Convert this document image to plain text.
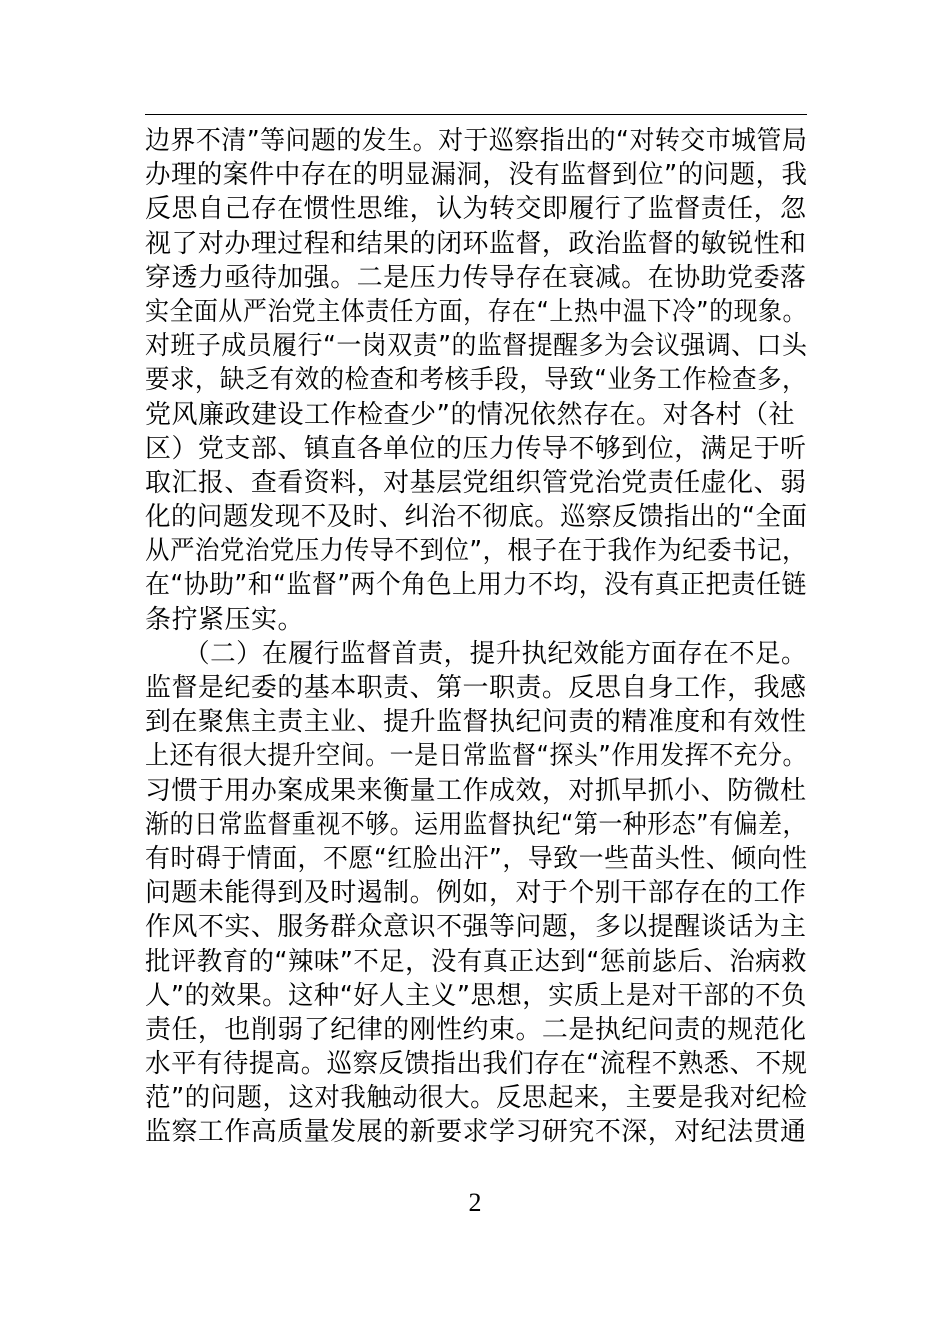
边界不清”等问题的发生。对于巡察指出的“对转交市城管局
办理的案件中存在的明显漏洞，没有监督到位”的问题，我
反思自己存在惯性思维，认为转交即履行了监督责任，忽
视了对办理过程和结果的闭环监督，政治监督的敏锐性和
穿透力亟待加强。二是压力传导存在衰减。在协助党委落
实全面从严治党主体责任方面，存在“上热中温下冷”的现象。
对班子成员履行“一岗双责”的监督提醒多为会议强调、口头
要求，缺乏有效的检查和考核手段，导致“业务工作检查多，
党风廉政建设工作检查少”的情况依然存在。对各村（社
区）党支部、镇直各单位的压力传导不够到位，满足于听
取汇报、查看资料，对基层党组织管党治党责任虚化、弱
化的问题发现不及时、纠治不彻底。巡察反馈指出的“全面
从严治党治党压力传导不到位”，根子在于我作为纪委书记，
在“协助”和“监督”两个角色上用力不均，没有真正把责任链
条拧紧压实。
　　（二）在履行监督首责，提升执纪效能方面存在不足。
监督是纪委的基本职责、第一职责。反思自身工作，我感
到在聚焦主责主业、提升监督执纪问责的精准度和有效性
上还有很大提升空间。一是日常监督“探头”作用发挥不充分。
习惯于用办案成果来衡量工作成效，对抓早抓小、防微杜
渐的日常监督重视不够。运用监督执纪“第一种形态”有偏差，
有时碍于情面，不愿“红脸出汗”，导致一些苗头性、倾向性
问题未能得到及时遏制。例如，对于个别干部存在的工作
作风不实、服务群众意识不强等问题，多以提醒谈话为主
批评教育的“辣味”不足，没有真正达到“惩前毖后、治病救
人”的效果。这种“好人主义”思想，实质上是对干部的不负
责任，也削弱了纪律的刚性约束。二是执纪问责的规范化
水平有待提高。巡察反馈指出我们存在“流程不熟悉、不规
范”的问题，这对我触动很大。反思起来，主要是我对纪检
监察工作高质量发展的新要求学习研究不深，对纪法贯通
2
